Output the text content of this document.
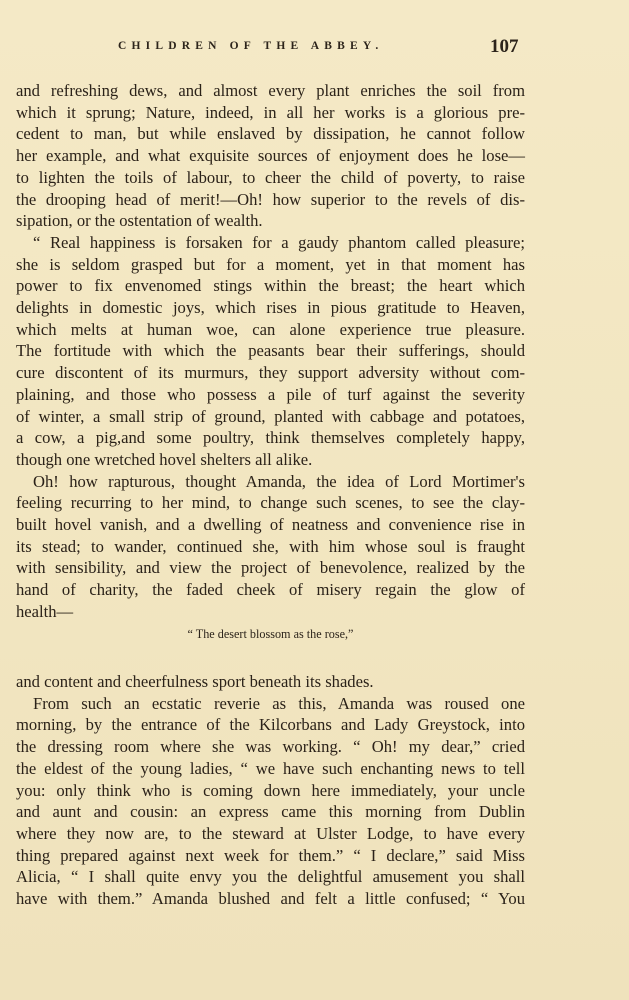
CHILDREN OF THE ABBEY.	107

and refreshing dews, and almost every plant enriches the soil from

which it sprung; Nature, indeed, in all her works is a glorious pre-

cedent to man, but while enslaved by dissipation, he cannot follow

her example, and what exquisite sources of enjoyment does he lose—

to lighten the toils of labour, to cheer the child of poverty, to raise

the drooping head of merit!—Oh! how superior to the revels of dis-

sipation, or the ostentation of wealth.

“ Real happiness is forsaken for a gaudy phantom called pleasure;

she is seldom grasped but for a moment, yet in that moment has

power to fix envenomed stings within the breast; the heart which

delights in domestic joys, which rises in pious gratitude to Heaven,

which melts at human woe, can alone experience true pleasure.

The fortitude with which the peasants bear their sufferings, should

cure discontent of its murmurs, they support adversity without com-

plaining, and those who possess a pile of turf against the severity

of winter, a small strip of ground, planted with cabbage and potatoes,

a cow, a pig,and some poultry, think themselves completely happy,

though one wretched hovel shelters all alike.

Oh! how rapturous, thought Amanda, the idea of Lord Mortimer's

feeling recurring to her mind, to change such scenes, to see the clay-

built hovel vanish, and a dwelling of neatness and convenience rise in

its stead; to wander, continued she, with him whose soul is fraught

with sensibility, and view the project of benevolence, realized by the

hand of charity, the faded cheek of misery regain the glow of

health—

“ The desert blossom as the rose,”

and content and cheerfulness sport beneath its shades.

From such an ecstatic reverie as this, Amanda was roused one

morning, by the entrance of the Kilcorbans and Lady Greystock, into

the dressing room where she was working. “ Oh! my dear,” cried

the eldest of the young ladies, “ we have such enchanting news to tell

you: only think who is coming down here immediately, your uncle

and aunt and cousin: an express came this morning from Dublin

where they now are, to the steward at Ulster Lodge, to have every

thing prepared against next week for them.” “ I declare,” said Miss

Alicia, “ I shall quite envy you the delightful amusement you shall

have with them.” Amanda blushed and felt a little confused; “ You
